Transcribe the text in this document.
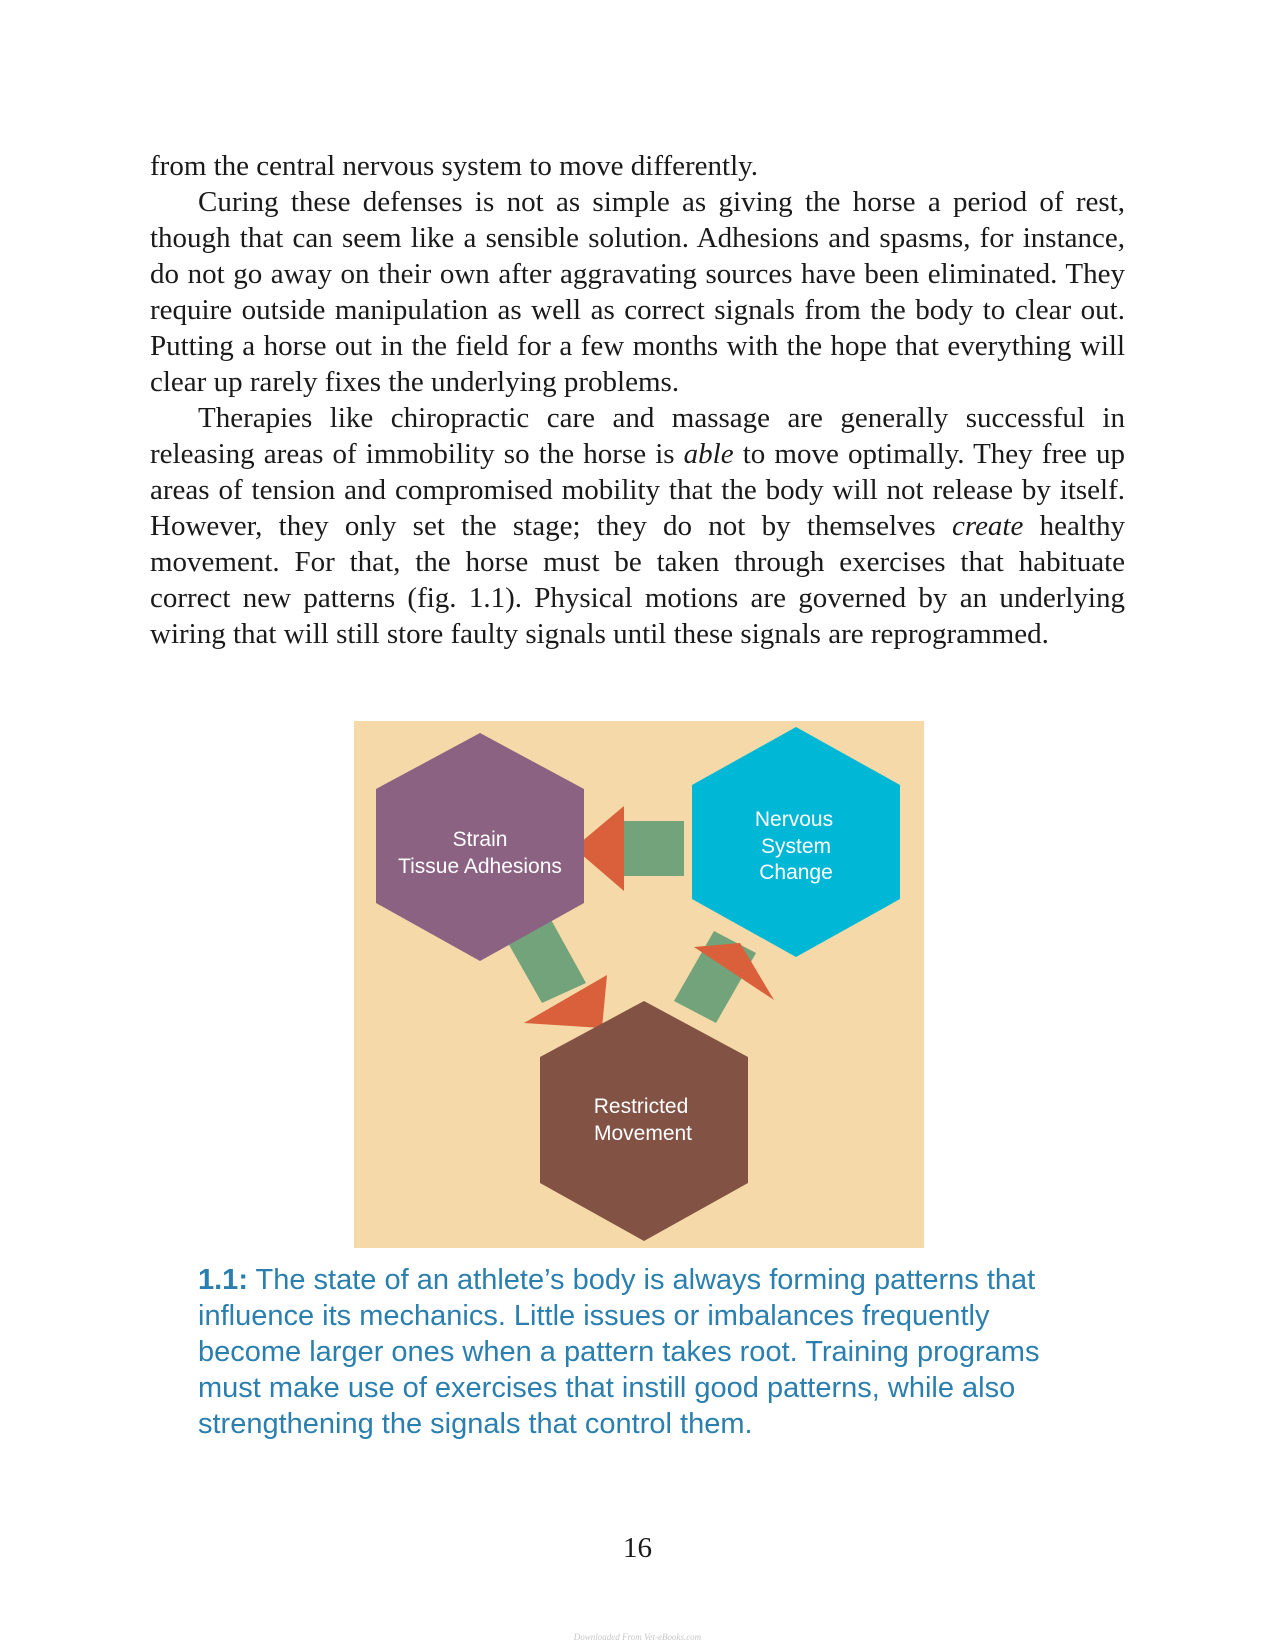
from the central nervous system to move differently.

Curing these defenses is not as simple as giving the horse a period of rest, though that can seem like a sensible solution. Adhesions and spasms, for instance, do not go away on their own after aggravating sources have been eliminated. They require outside manipulation as well as correct signals from the body to clear out. Putting a horse out in the field for a few months with the hope that everything will clear up rarely fixes the underlying problems.

Therapies like chiropractic care and massage are generally successful in releasing areas of immobility so the horse is able to move optimally. They free up areas of tension and compromised mobility that the body will not release by itself. However, they only set the stage; they do not by themselves create healthy movement. For that, the horse must be taken through exercises that habituate correct new patterns (fig. 1.1). Physical motions are governed by an underlying wiring that will still store faulty signals until these signals are reprogrammed.

Strain
Tissue Adhesions
Nervous
System
Change
Restricted
Movement
1.1: The state of an athlete’s body is always forming patterns that influence its mechanics. Little issues or imbalances frequently become larger ones when a pattern takes root. Training programs must make use of exercises that instill good patterns, while also strengthening the signals that control them.
16
Downloaded From Vet-eBooks.com
